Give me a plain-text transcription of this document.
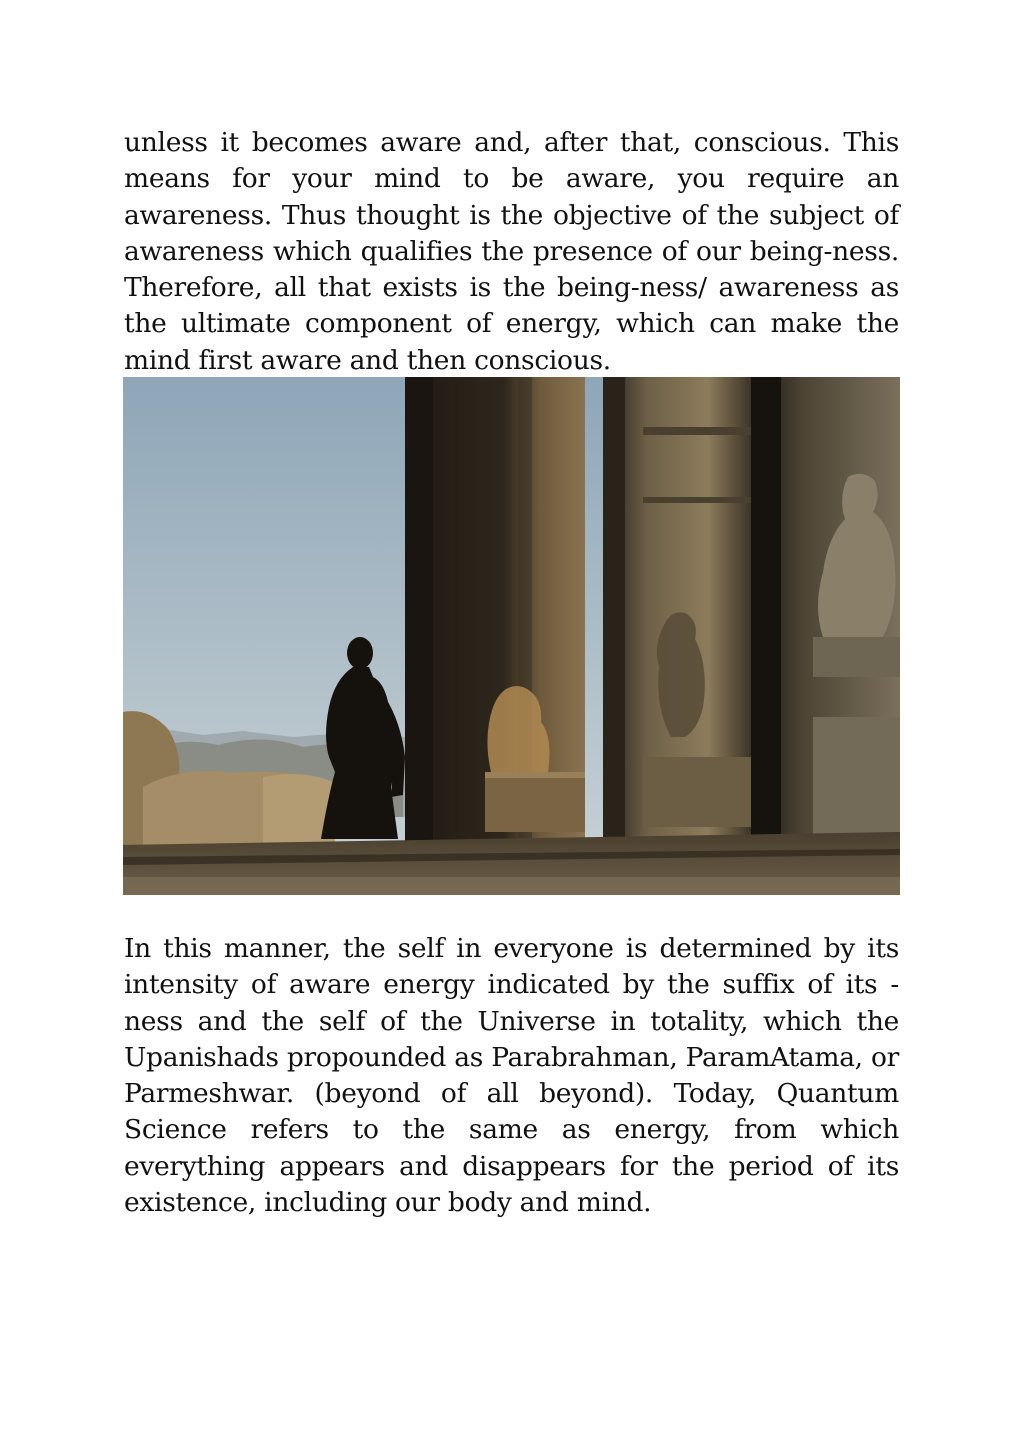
unless it becomes aware and, after that, conscious. This means for your mind to be aware, you require an awareness. Thus thought is the objective of the subject of awareness which qualifies the presence of our being-ness. Therefore, all that exists is the being-ness/ awareness as the ultimate component of energy, which can make the mind first aware and then conscious.

In this manner, the self in everyone is determined by its intensity of aware energy indicated by the suffix of its -ness and the self of the Universe in totality, which the Upanishads propounded as Parabrahman, ParamAtama, or Parmeshwar. (beyond of all beyond). Today, Quantum Science refers to the same as energy, from which everything appears and disappears for the period of its existence, including our body and mind.
